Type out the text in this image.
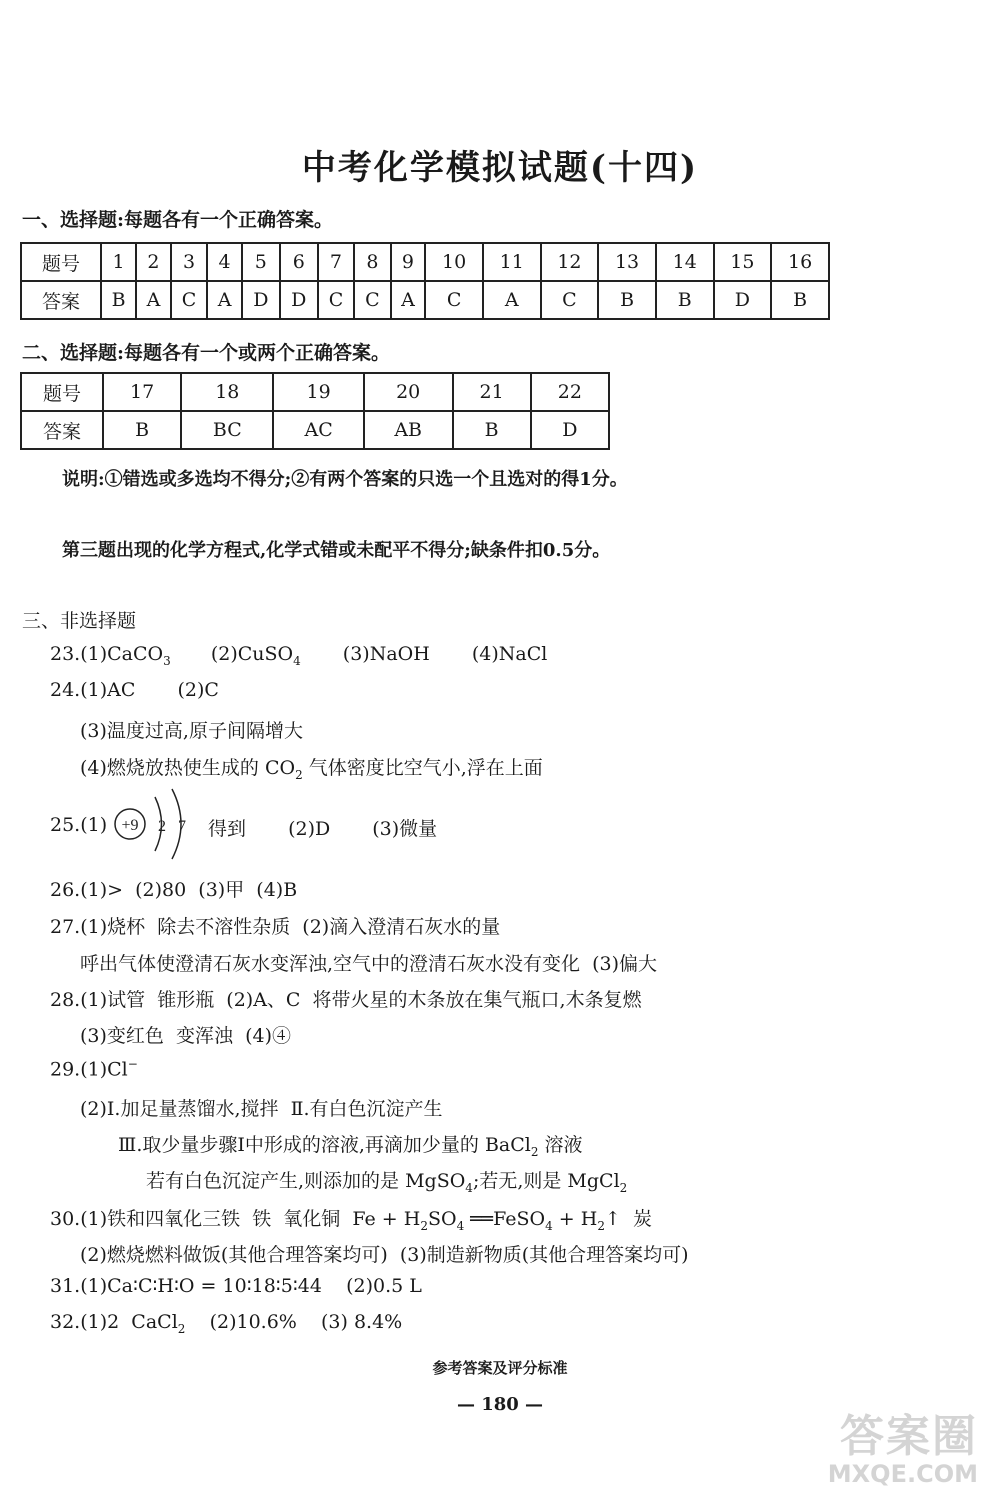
中考化学模拟试题(十四)
一、选择题:每题各有一个正确答案。
题号	1	2	3	4	5	6	7	8	9	10	11	12	13	14	15	16
答案	B	A	C	A	D	D	C	C	A	C	A	C	B	B	D	B
二、选择题:每题各有一个或两个正确答案。
题号	17	18	19	20	21	22
答案	B	BC	AC	AB	B	D
说明:①错选或多选均不得分;②有两个答案的只选一个且选对的得1分。
第三题出现的化学方程式,化学式错或未配平不得分;缺条件扣0.5分。
三、非选择题
23.(1)CaCO$_3$ (2)CuSO$_4$ (3)NaOH (4)NaCl
24.(1)AC (2)C
(3)温度过高,原子间隔增大
(4)燃烧放热使生成的 $CO_2$ 气体密度比空气小,浮在上面
25.(1) +9 2 7 得到 (2)D (3)微量
26.(1)>  (2)80  (3)甲  (4)B
27.(1)烧杯  除去不溶性杂质  (2)滴入澄清石灰水的量
呼出气体使澄清石灰水变浑浊,空气中的澄清石灰水没有变化  (3)偏大
28.(1)试管  锥形瓶  (2)A、C  将带火星的木条放在集气瓶口,木条复燃
(3)变红色  变浑浊  (4)④
29.(1)Cl−
(2)Ⅰ.加足量蒸馏水,搅拌  Ⅱ.有白色沉淀产生
Ⅲ.取少量步骤Ⅰ中形成的溶液,再滴加少量的 BaCl$_2$ 溶液
若有白色沉淀产生,则添加的是 MgSO$_4$;若无,则是 MgCl$_2$
30.(1)铁和四氧化三铁  铁  氧化铜  $Fe + H_2SO_4$ ══FeSO$_4$ + $H_2↑$  炭
(2)燃烧燃料做饭(其他合理答案均可)  (3)制造新物质(其他合理答案均可)
31.(1)Ca∶C∶H∶O = 10∶18∶5∶44    (2)0.5 L
32.(1)2  CaCl$_2$    (2)10.6%    (3) 8.4%
参考答案及评分标准
— 180 —
答案圈
MXQE.COM
